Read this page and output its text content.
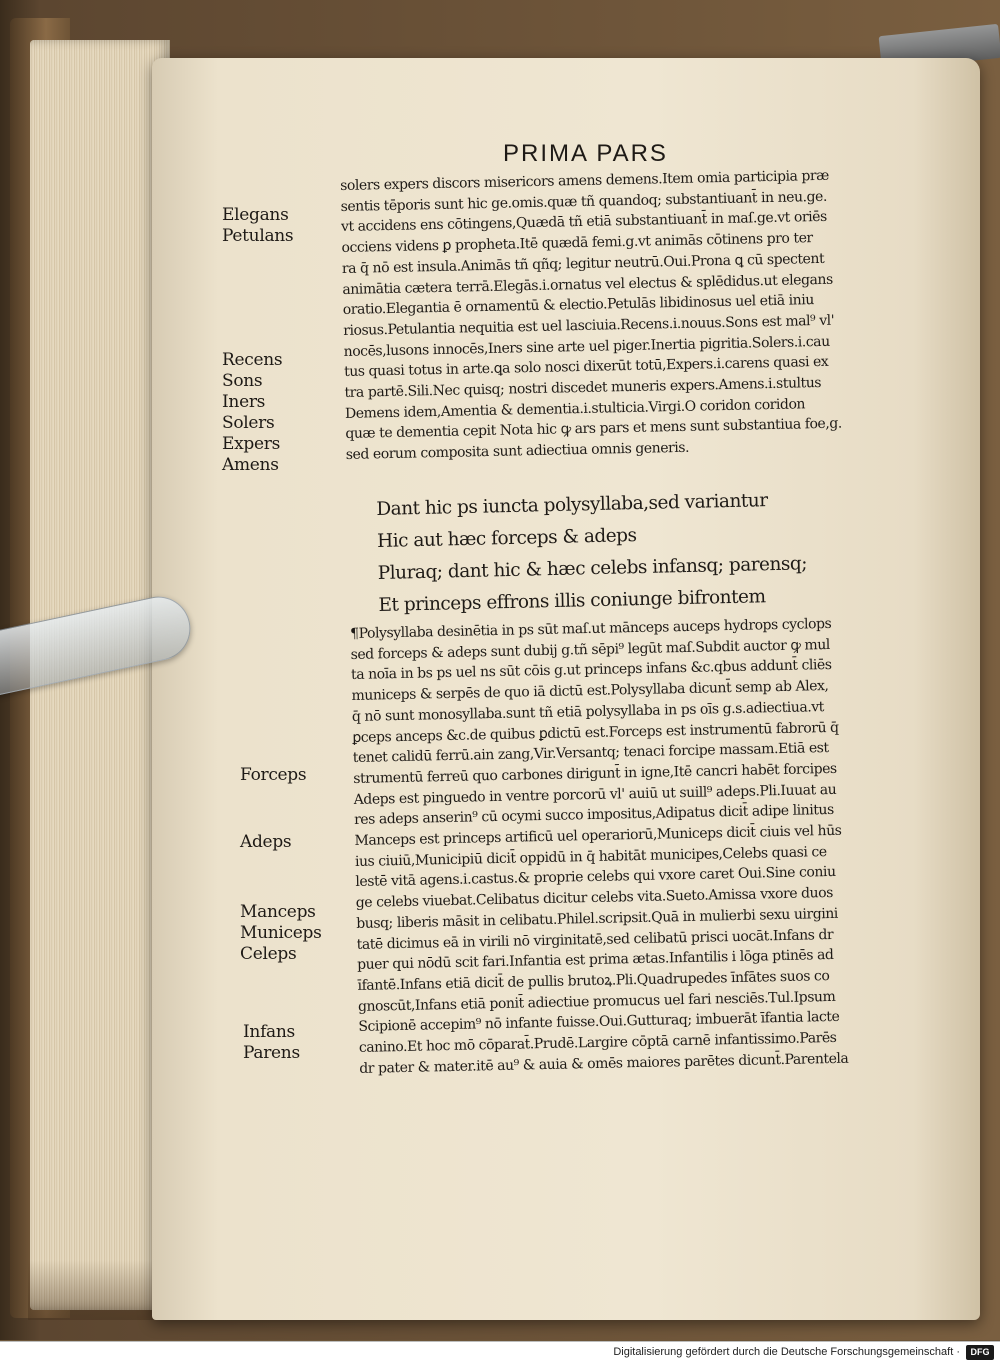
PRIMA PARS
Elegans
Petulans
Recens
Sons
Iners
Solers
Expers
Amens
Forceps
Adeps
Manceps
Municeps
Celeps
Infans
Parens
solers expers discors misericors amens demens.Item omia participia præ
sentis tēporis sunt hic ge.omis.quæ tñ quandoq; substantiuant̄ in neu.ge.
vt accidens ens cōtingens,Quædā tñ etiā substantiuant̄ in maſ.ge.vt oriēs
occiens videns ꝑ propheta.Itē quædā femi.g.vt animās cōtinens pro ter
ra q̄ nō est insula.Animās tñ qñq; legitur neutrū.Oui.Prona ꝗ cū spectent
animātia cætera terrā.Elegās.i.ornatus vel electus & splēdidus.ut elegans
oratio.Elegantia ē ornamentū & electio.Petulās libidinosus uel etiā iniu
riosus.Petulantia nequitia est uel lasciuia.Recens.i.nouus.Sons est mal⁹ vl'
nocēs,lusons innocēs,Iners sine arte uel piger.Inertia pigritia.Solers.i.cau
tus quasi totus in arte.ꝗa solo nosci dixerūt totū,Expers.i.carens quasi ex
tra partē.Sili.Nec quisq; nostri discedet muneris expers.Amens.i.stultus
Demens idem,Amentia & dementia.i.stulticia.Virgi.O coridon coridon
quæ te dementia cepit Nota hic ꝙ ars pars et mens sunt substantiua foe,g.
sed eorum composita sunt adiectiua omnis generis.
Dant hic ps iuncta polysyllaba,sed variantur
Hic aut hæc forceps & adeps
Pluraq; dant hic & hæc celebs infansq; parensq;
Et princeps effrons illis coniunge bifrontem
¶Polysyllaba desinētia in ps sūt maſ.ut mānceps auceps hydrops cyclops
sed forceps & adeps sunt dubij g.tñ sēpi⁹ legūt maſ.Subdit auctor ꝙ mul
ta noīa in bs ps uel ns sūt cōis g.ut princeps infans &c.qbus addunt̄ cliēs
municeps & serpēs de quo iā dictū est.Polysyllaba dicunt̄ semp ab Alex,
q̄ nō sunt monosyllaba.sunt tñ etiā polysyllaba in ps oīs g.s.adiectiua.vt
ꝑceps anceps &c.de quibus ꝑdictū est.Forceps est instrumentū fabrorū q̄
tenet calidū ferrū.ain zang,Vir.Versantq; tenaci forcipe massam.Etiā est
strumentū ferreū quo carbones dirigunt̄ in igne,Itē cancri habēt forcipes
Adeps est pinguedo in ventre porcorū vl' auiū ut suill⁹ adeps.Pli.Iuuat au
res adeps anserin⁹ cū ocymi succo impositus,Adipatus dicit̄ adipe linitus
Manceps est princeps artificū uel operariorū,Municeps dicit̄ ciuis vel hūs
ius ciuiū,Municipiū dicit̄ oppidū in q̄ habitāt municipes,Celebs quasi ce
lestē vitā agens.i.castus.& proprie celebs qui vxore caret Oui.Sine coniu
ge celebs viuebat.Celibatus dicitur celebs vita.Sueto.Amissa vxore duos
busq; liberis māsit in celibatu.Philel.scripsit.Quā in mulierbi sexu uirgini
tatē dicimus eā in virili nō virginitatē,sed celibatū prisci uocāt.Infans dr
puer qui nōdū scit fari.Infantia est prima ætas.Infantilis i lōga ptinēs ad
īfantē.Infans etiā dicit̄ de pullis brutoꝝ.Pli.Quadrupedes īnfātes suos co
gnoscūt,Infans etiā ponit̄ adiectiue promucus uel fari nesciēs.Tul.Ipsum
Scipionē accepim⁹ nō infante fuisse.Oui.Gutturaq; imbuerāt īfantia lacte
canino.Et hoc mō cōparat̄.Prudē.Largire cōptā carnē infantissimo.Parēs
dr pater & mater.itē au⁹ & auia & omēs maiores parētes dicunt̄.Parentela
Digitalisierung gefördert durch die Deutsche Forschungsgemeinschaft ·	DFG
